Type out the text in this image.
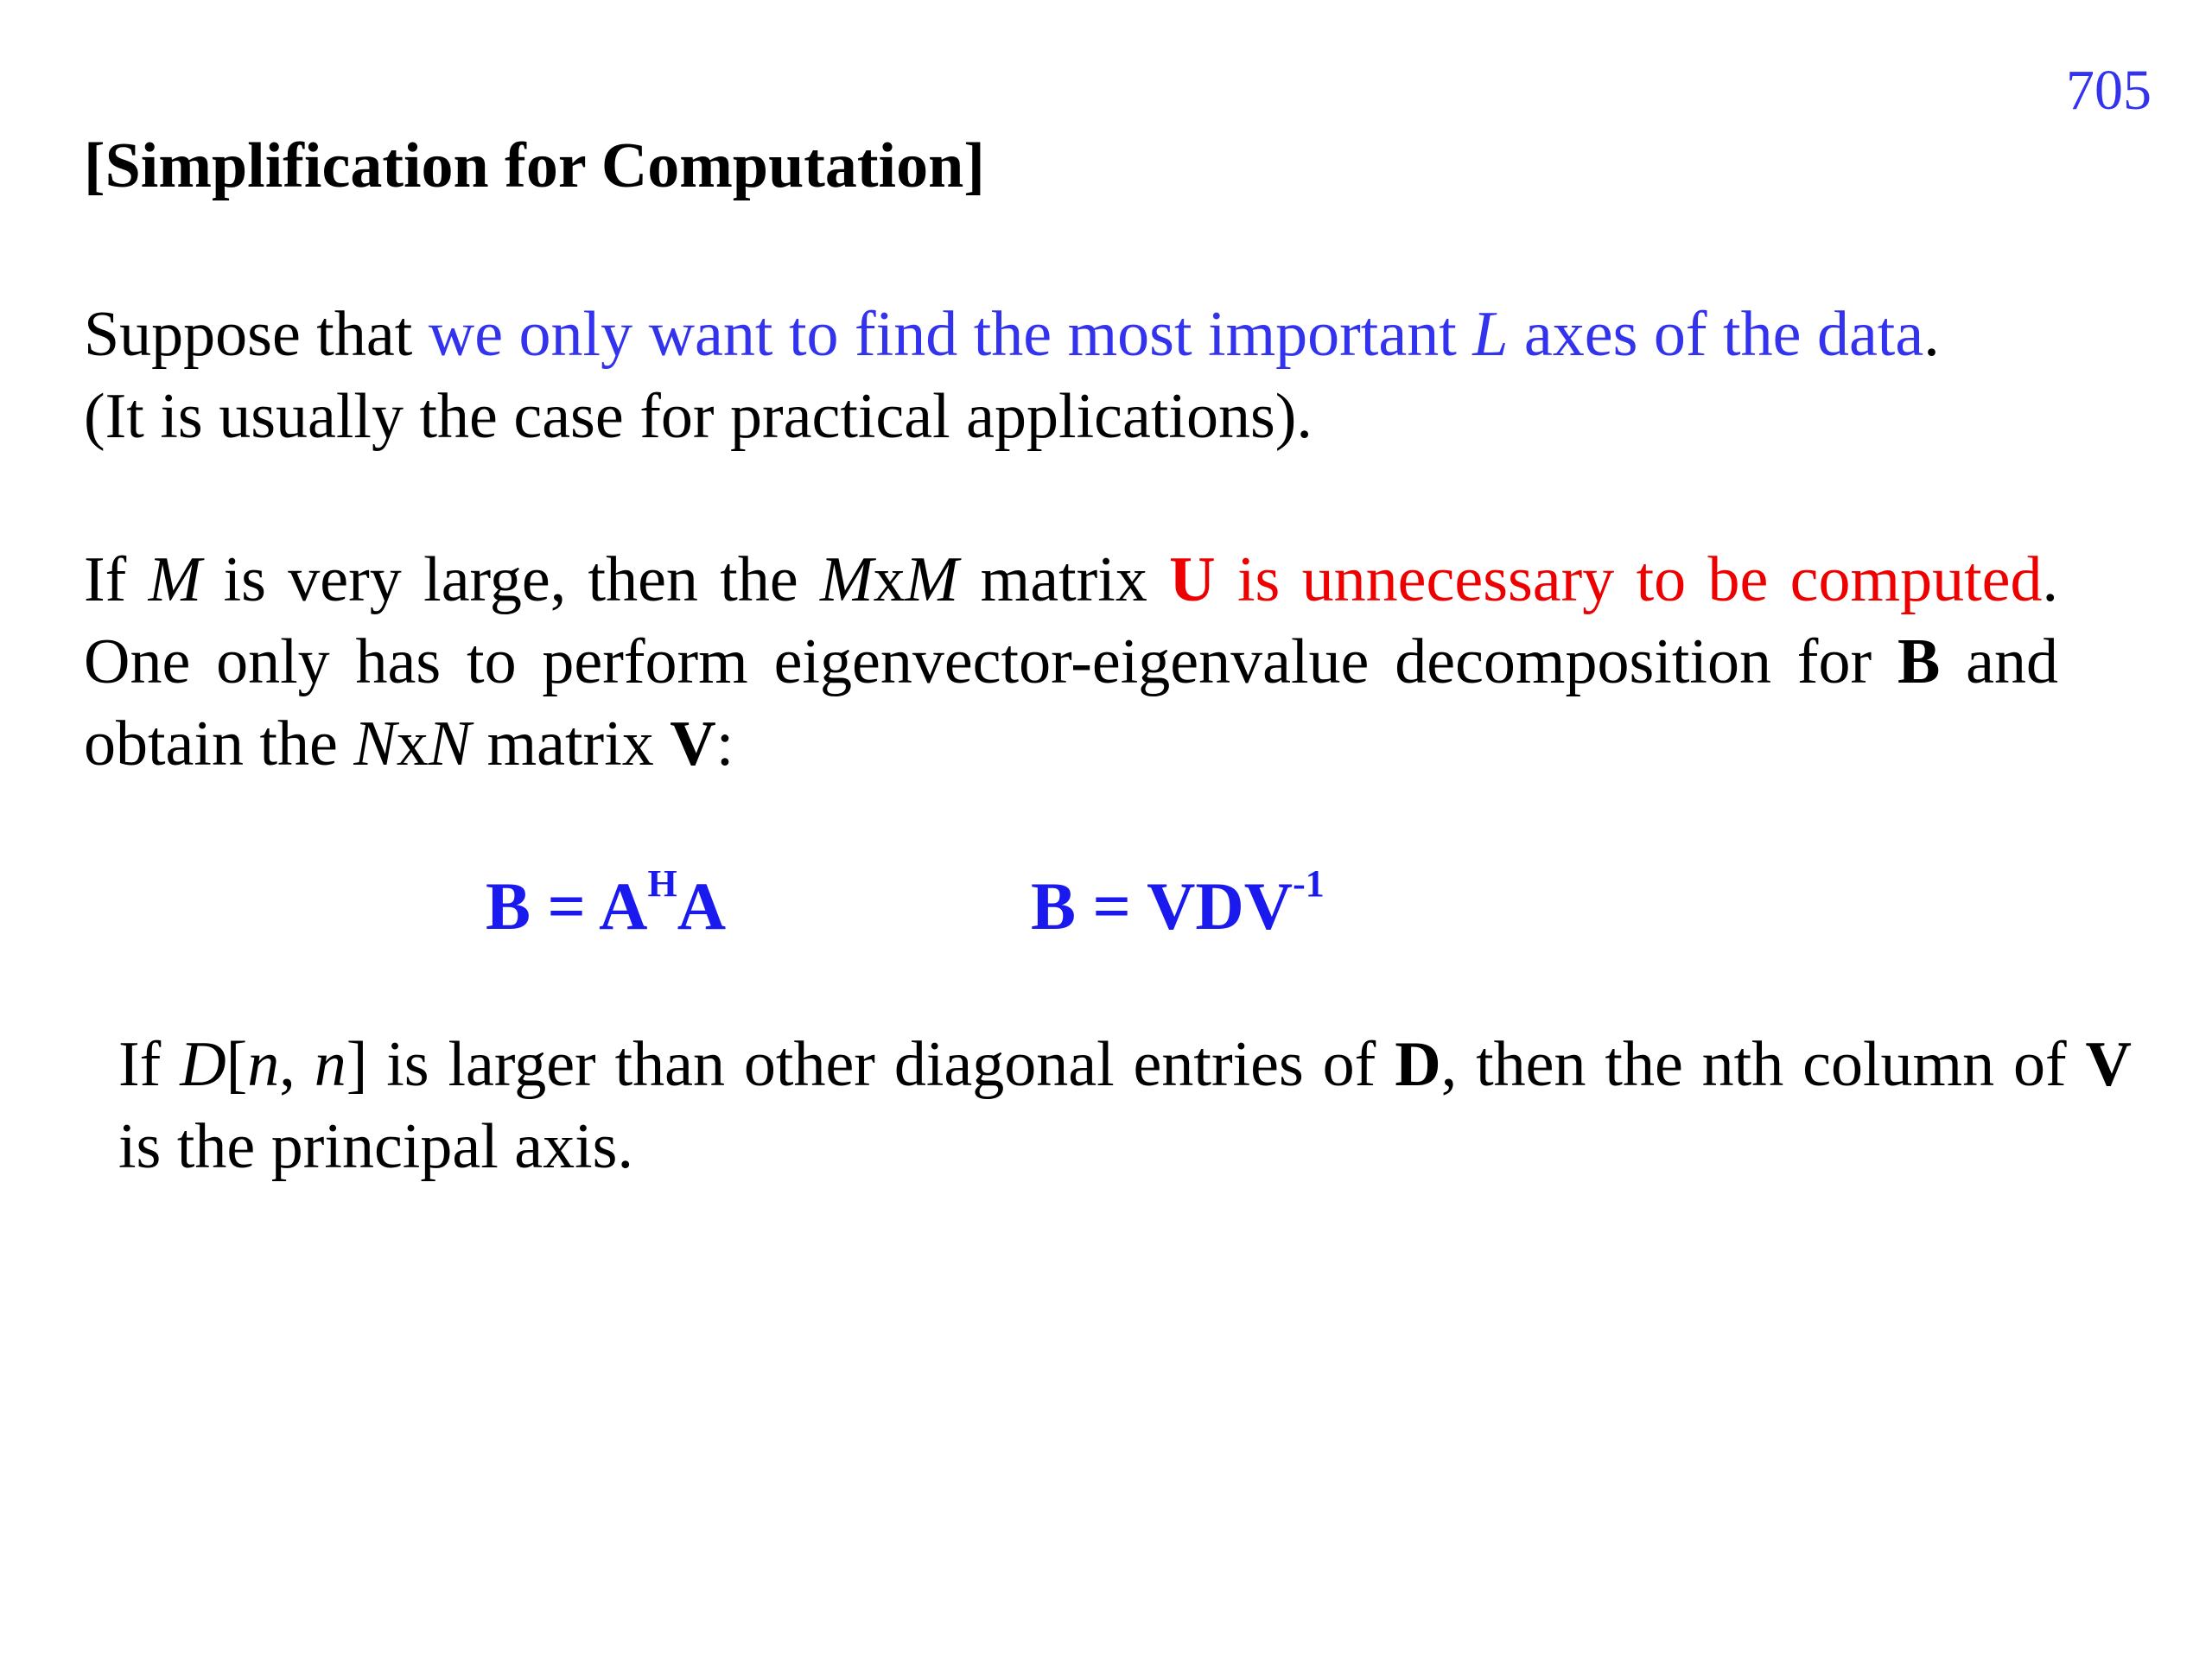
705
[Simplification for Computation]

Suppose that we only want to find the most important L axes of the data.
(It is usually the case for practical applications).

If M is very large, then the MxM matrix U is unnecessary to be computed. One only has to perform eigenvector-eigenvalue decomposition for B and obtain the NxN matrix V:

$B = A^HA$	$B = VDV^{-1}$

If D[n, n] is larger than other diagonal entries of D, then the nth column of V is the principal axis.
